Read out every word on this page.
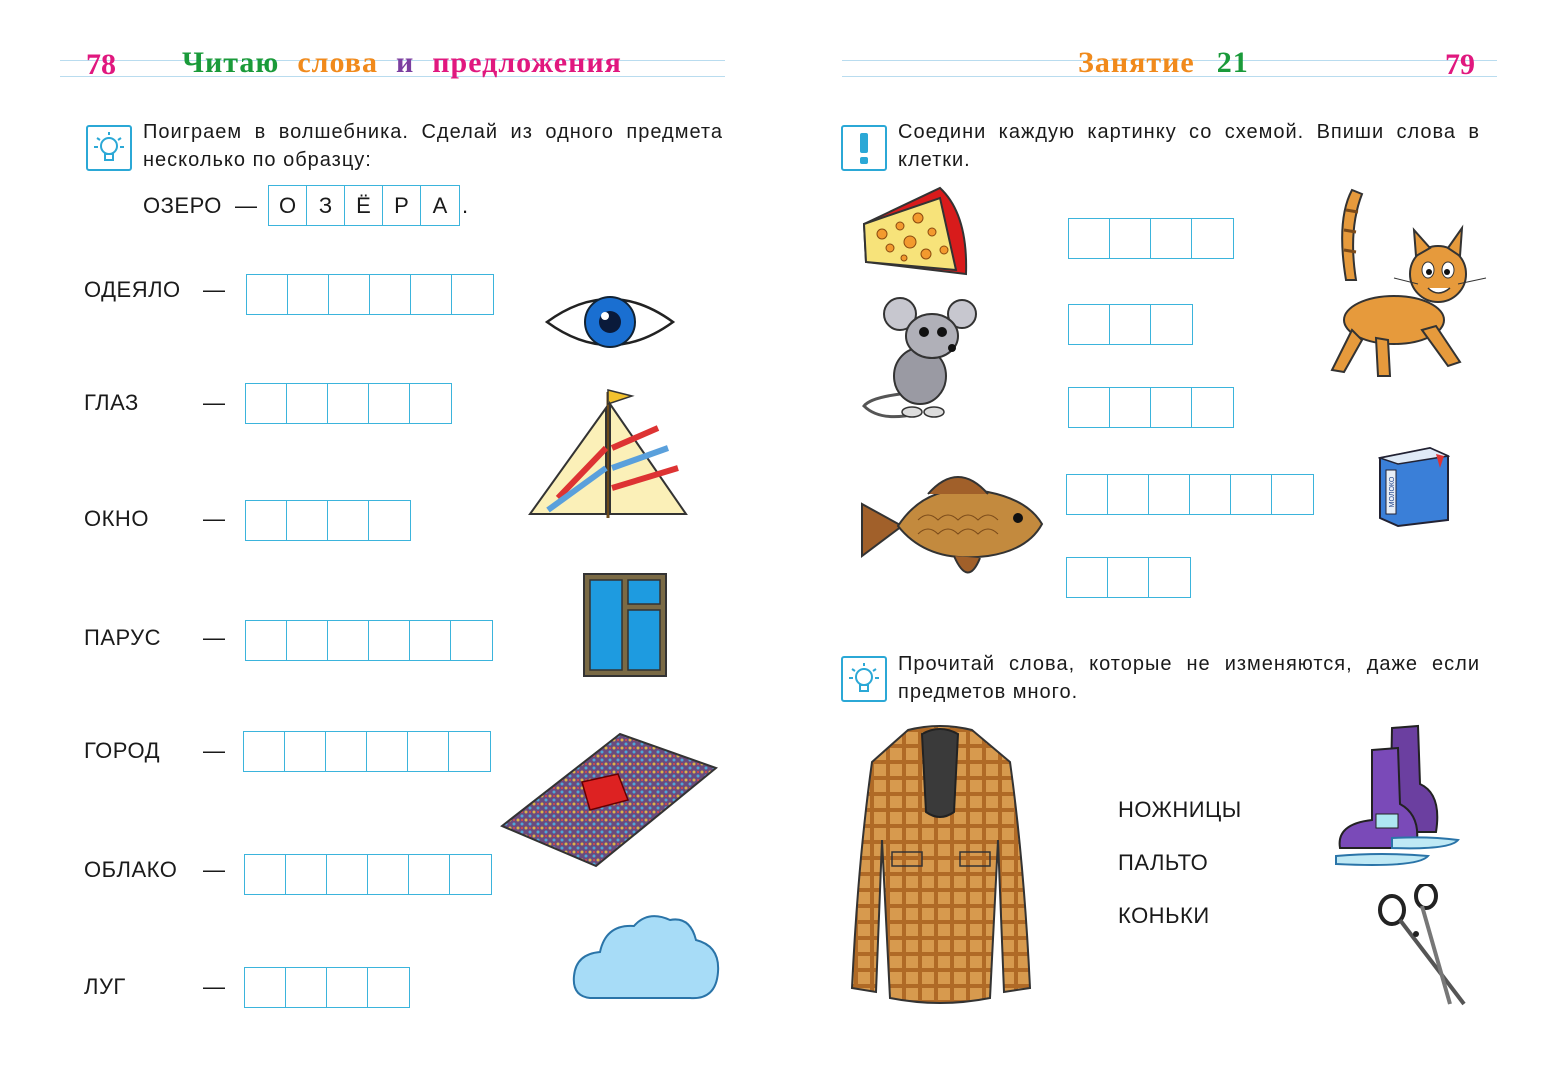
78 Читаю слова и предложения
Поиграем в волшебника. Сделай из одного предмета несколько по образцу:
ОЗЕРО — О	З	Ё	Р	А .
ОДЕЯЛО —
ГЛАЗ	—
ОКНО —
ПАРУС —
ГОРОД —
ОБЛАКО —
ЛУГ	—
Занятие 21	79
Соедини каждую картинку со схемой. Впиши слова в клетки.
МОЛОКО
Прочитай слова, которые не изменяются, даже если предметов много.
НОЖНИЦЫ
ПАЛЬТО
КОНЬКИ
